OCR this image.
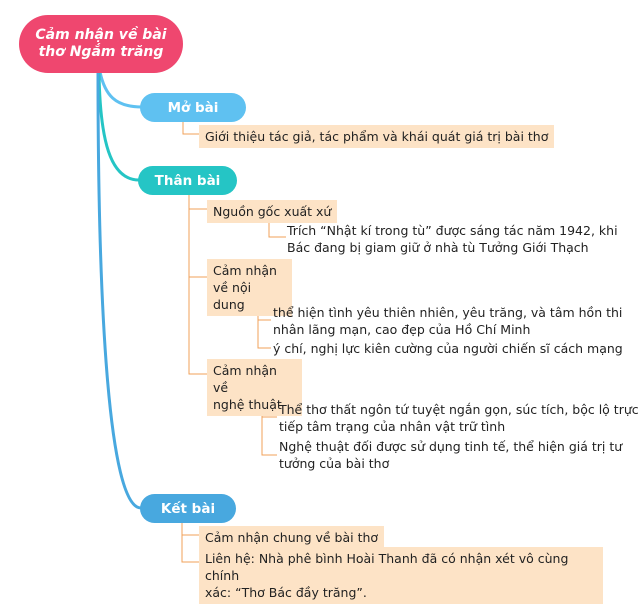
Cảm nhận về bài
thơ Ngắm trăng
Mở bài
Giới thiệu tác giả, tác phẩm và khái quát giá trị bài thơ
Thân bài
Nguồn gốc xuất xứ
Trích “Nhật kí trong tù” được sáng tác năm 1942, khi
Bác đang bị giam giữ ở nhà tù Tưởng Giới Thạch
Cảm nhận
về nội dung
thể hiện tình yêu thiên nhiên, yêu trăng, và tâm hồn thi
nhân lãng mạn, cao đẹp của Hồ Chí Minh
ý chí, nghị lực kiên cường của người chiến sĩ cách mạng
Cảm nhận về
nghệ thuật
Thể thơ thất ngôn tứ tuyệt ngắn gọn, súc tích, bộc lộ trực
tiếp tâm trạng của nhân vật trữ tình
Nghệ thuật đối được sử dụng tinh tế, thể hiện giá trị tư
tưởng của bài thơ
Kết bài
Cảm nhận chung về bài thơ
Liên hệ: Nhà phê bình Hoài Thanh đã có nhận xét vô cùng chính
xác: “Thơ Bác đầy trăng”.
